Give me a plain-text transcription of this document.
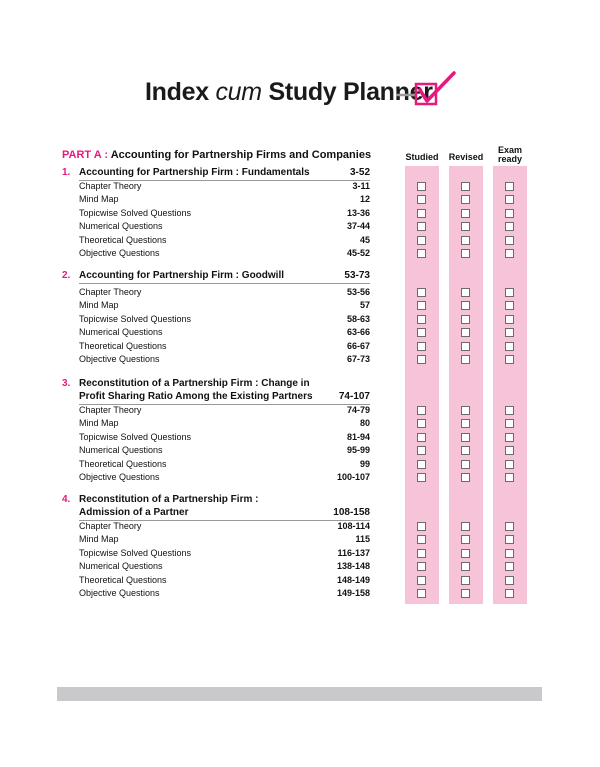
Index cum Study Planner
PART A : Accounting for Partnership Firms and Companies	Studied	Revised
Exam
ready
1. Accounting for Partnership Firm : Fundamentals	3-52
Chapter Theory	3-11
Mind Map	12
Topicwise Solved Questions	13-36
Numerical Questions	37-44
Theoretical Questions	45
Objective Questions	45-52
2. Accounting for Partnership Firm : Goodwill	53-73
Chapter Theory	53-56
Mind Map	57
Topicwise Solved Questions	58-63
Numerical Questions	63-66
Theoretical Questions	66-67
Objective Questions	67-73
3. Reconstitution of a Partnership Firm : Change in
Profit Sharing Ratio Among the Existing Partners	74-107
Chapter Theory	74-79
Mind Map	80
Topicwise Solved Questions	81-94
Numerical Questions	95-99
Theoretical Questions	99
Objective Questions	100-107
4. Reconstitution of a Partnership Firm :
Admission of a Partner	108-158
Chapter Theory	108-114
Mind Map	115
Topicwise Solved Questions	116-137
Numerical Questions	138-148
Theoretical Questions	148-149
Objective Questions	149-158
